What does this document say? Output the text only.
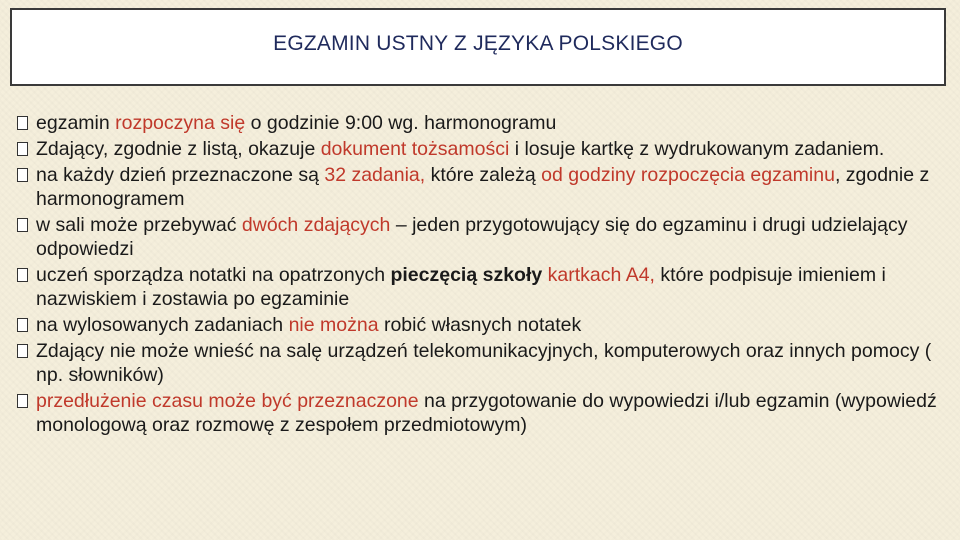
EGZAMIN USTNY Z JĘZYKA POLSKIEGO
egzamin rozpoczyna się o godzinie 9:00 wg. harmonogramu
Zdający, zgodnie z listą, okazuje dokument tożsamości i losuje kartkę z wydrukowanym zadaniem.
na każdy dzień przeznaczone są 32 zadania, które zależą od godziny rozpoczęcia egzaminu, zgodnie z harmonogramem
w sali może przebywać dwóch zdających – jeden przygotowujący się do egzaminu i drugi udzielający odpowiedzi
uczeń sporządza notatki na opatrzonych pieczęcią szkoły kartkach A4, które podpisuje imieniem i nazwiskiem i zostawia po egzaminie
na wylosowanych zadaniach nie można robić własnych notatek
Zdający nie może wnieść na salę urządzeń telekomunikacyjnych, komputerowych oraz innych pomocy ( np. słowników)
przedłużenie czasu może być przeznaczone na przygotowanie do wypowiedzi i/lub egzamin (wypowiedź monologową oraz rozmowę z zespołem przedmiotowym)
